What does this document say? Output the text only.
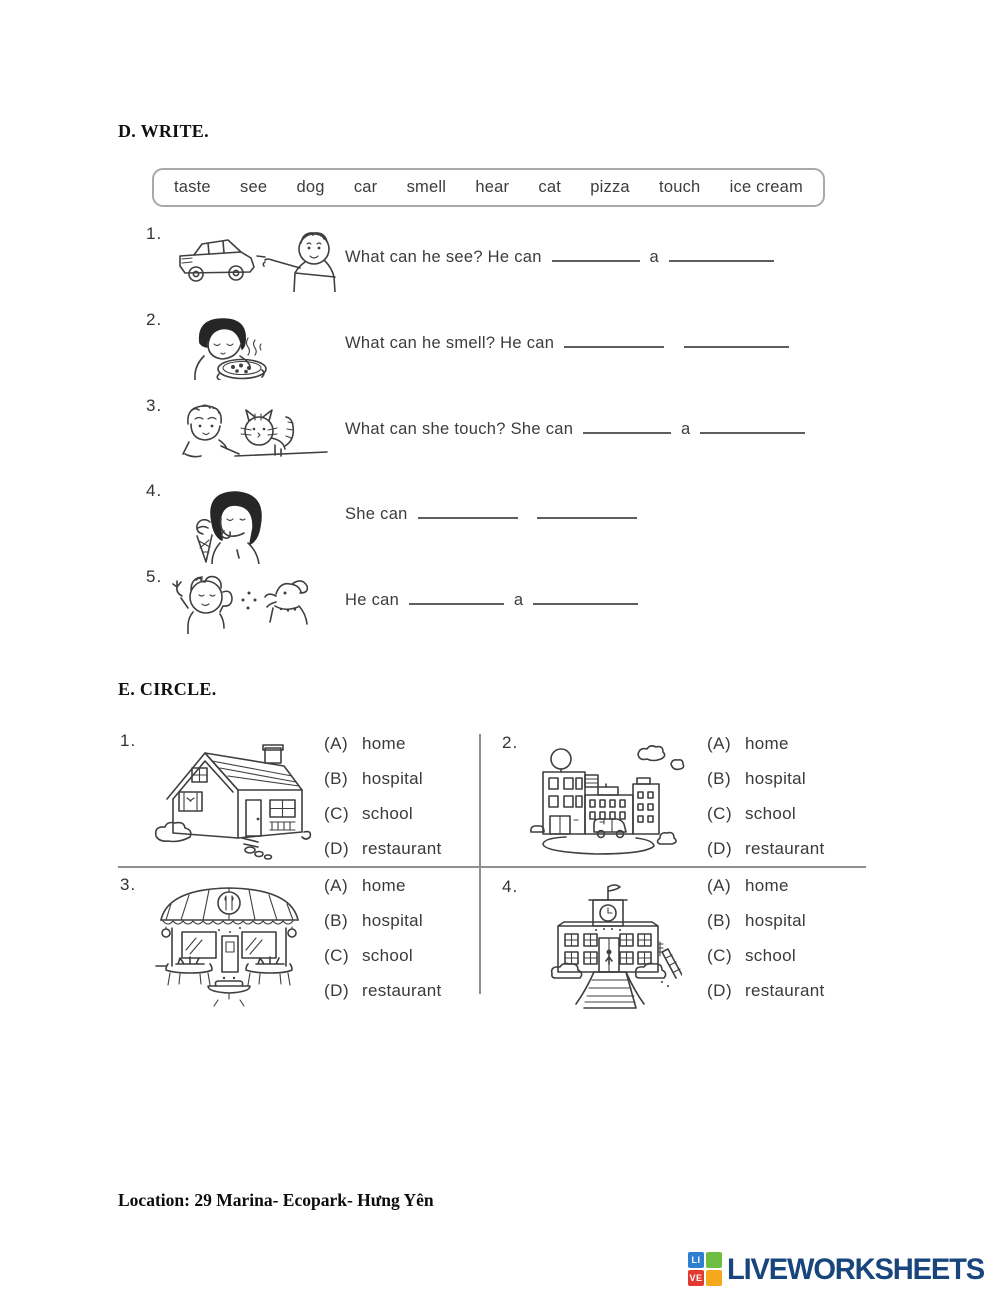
D. WRITE.
taste see dog car smell hear cat pizza touch ice cream
1.
What can he see? He can	a
2.
What can he smell? He can
3.
What can she touch? She can	a
4.
She can
5.
He can	a
E. CIRCLE.
1.	(A) home
(B) hospital
(C) school
(D) restaurant
2.	(A) home
(B) hospital
(C) school
(D) restaurant
3.	(A) home
(B) hospital
(C) school
(D) restaurant
4.	(A) home
(B) hospital
(C) school
(D) restaurant
Location: 29 Marina- Ecopark- Hưng Yên
LI
VE LIVEWORKSHEETS
